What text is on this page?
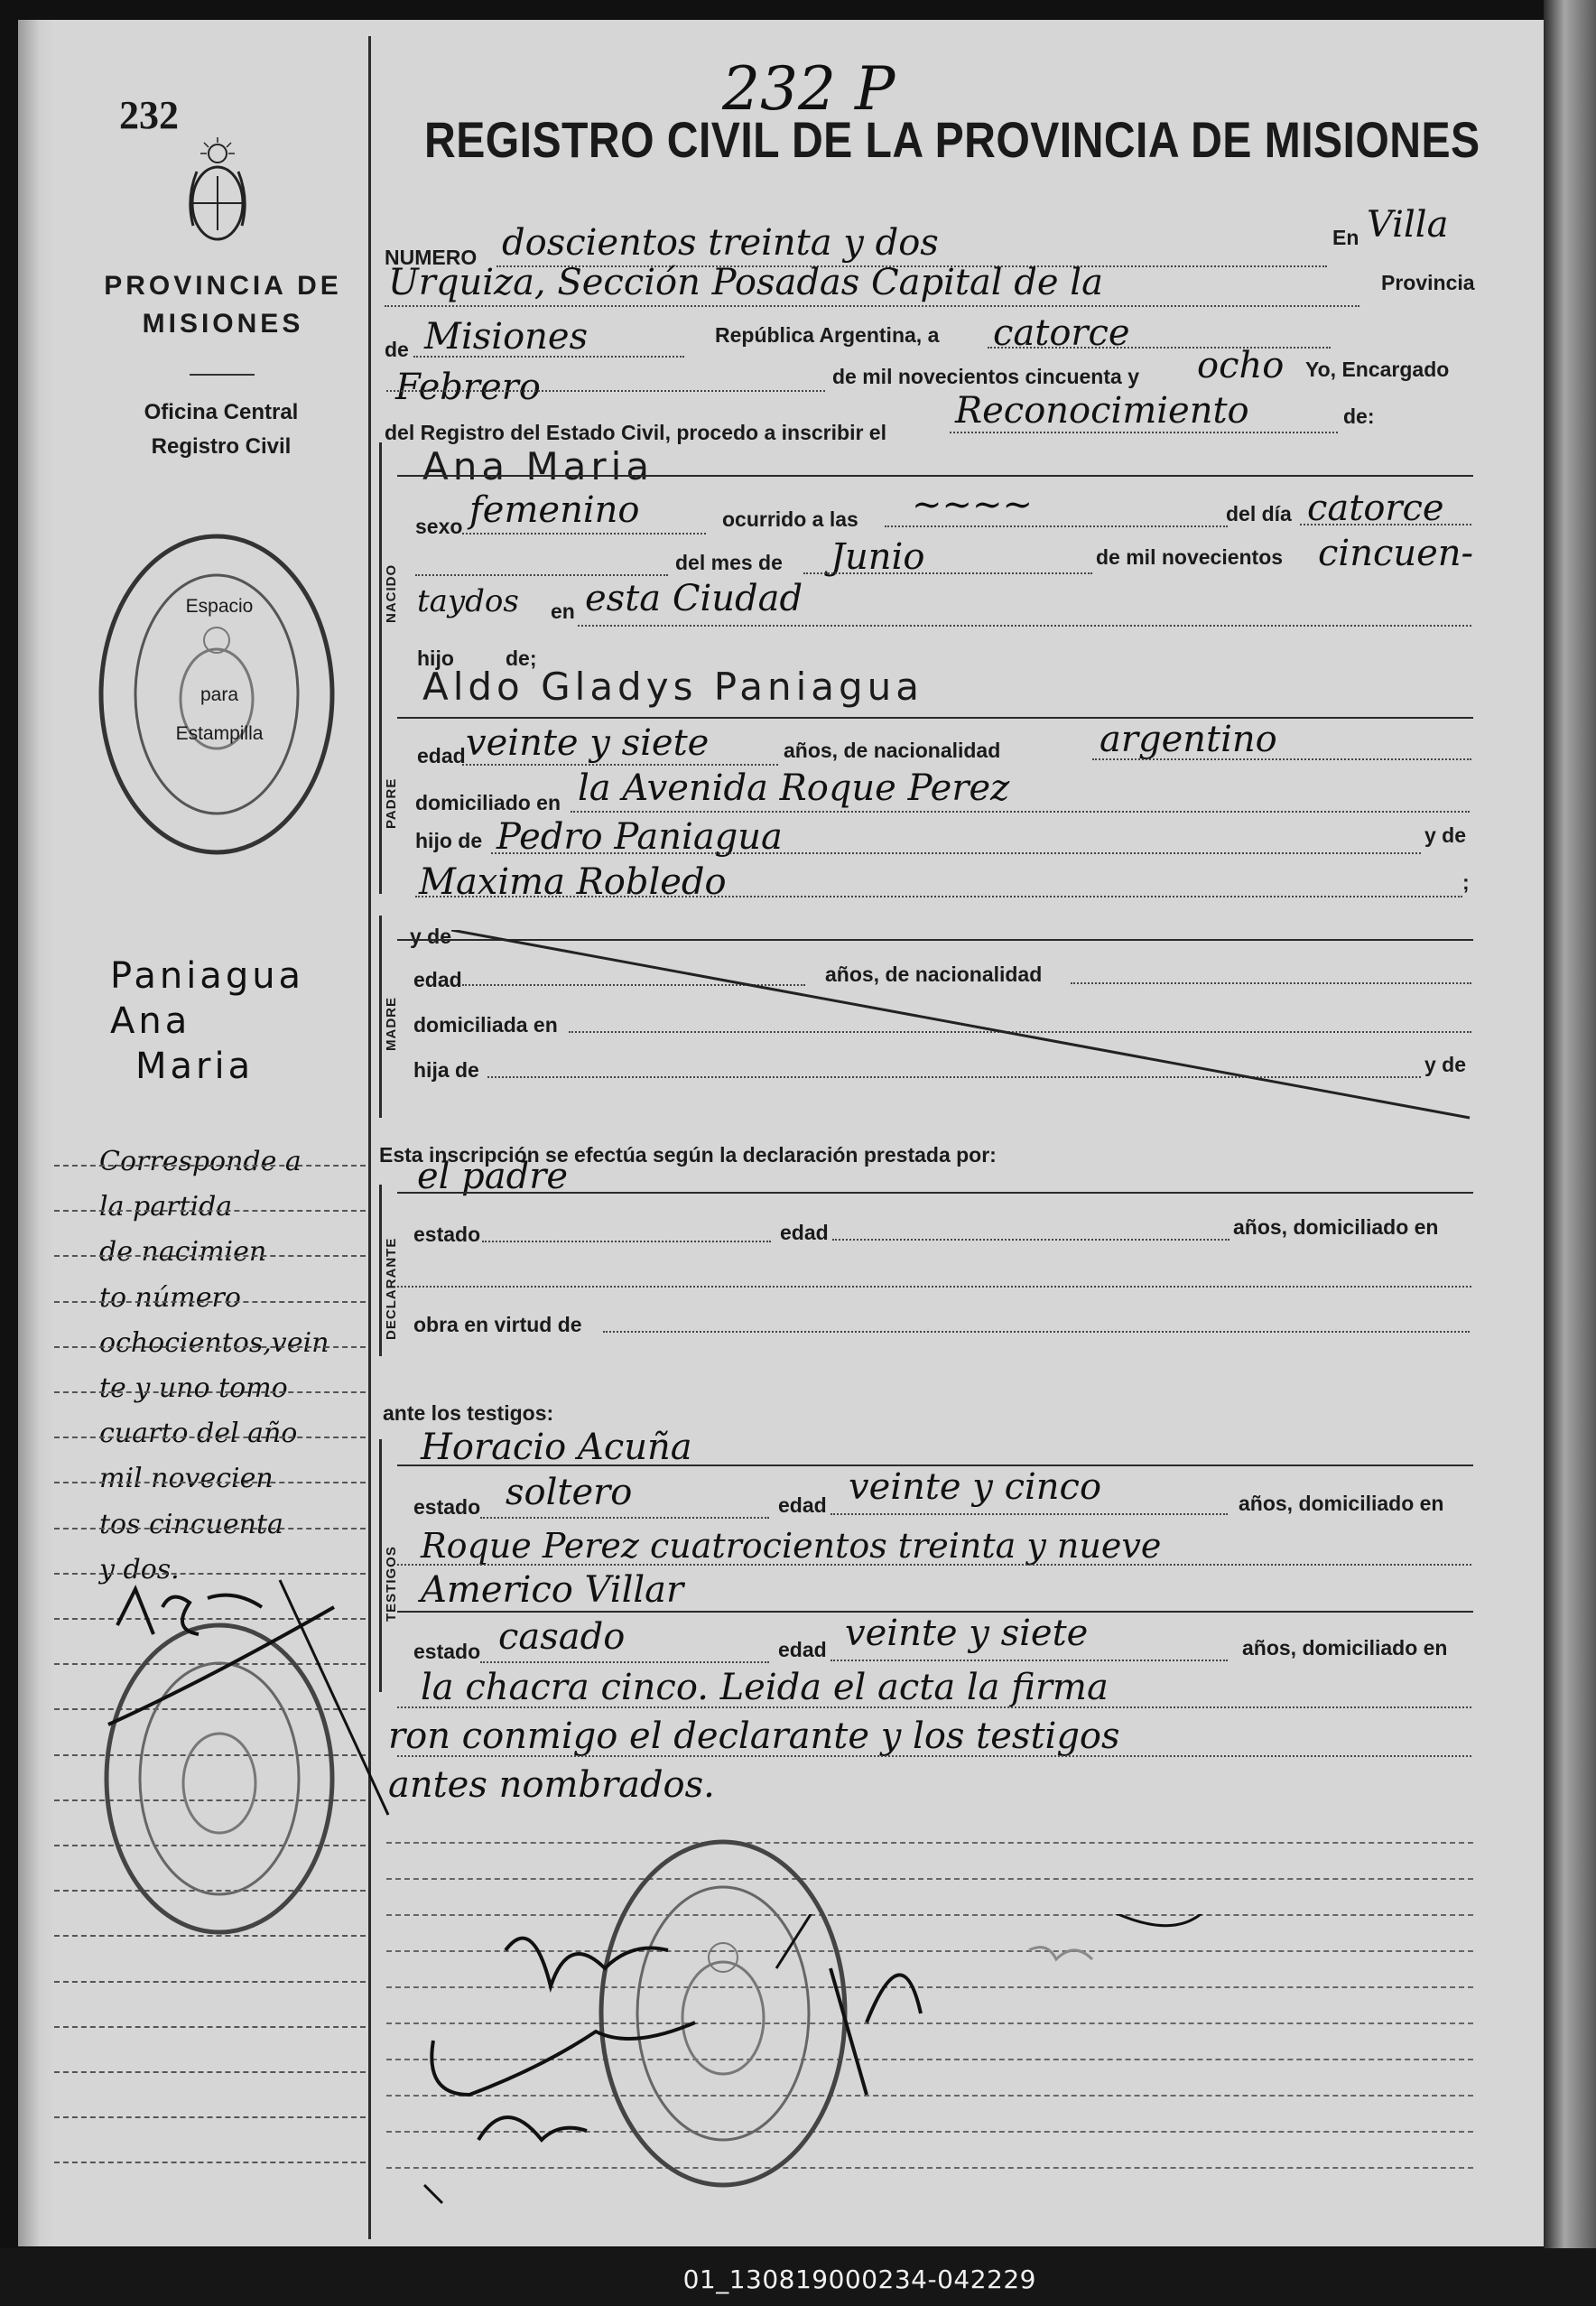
232
PROVINCIA DE MISIONES
Oficina Central Registro Civil
Espacio
para
Estampilla
Paniagua
Ana
Maria
Corresponde a
la partida
de nacimien
to número
ochocientos,vein
te y uno tomo
cuarto del año
mil novecien
tos cincuenta
y dos.
232 P
REGISTRO CIVIL DE LA PROVINCIA DE MISIONES
NUMERO doscientos treinta y dos	En Villa
Urquiza, Sección Posadas Capital de la	Provincia
de Misiones	República Argentina, a catorce
Febrero	de mil novecientos cincuenta y ocho Yo, Encargado
del Registro del Estado Civil, procedo a inscribir el
Reconocimiento	de:
NACIDO
Ana Maria
sexo femenino	ocurrido a las ~~~~	del día catorce
del mes de Junio	de mil novecientos cincuen-
taydos en esta Ciudad
hijo de;
PADRE
Aldo Gladys Paniagua
edad veinte y siete	años, de nacionalidad	argentino
domiciliado en la Avenida Roque Perez
hijo de Pedro Paniagua	y de
Maxima Robledo	;
MADRE
y de
edad	años, de nacionalidad
domiciliada en
hija de	y de
Esta inscripción se efectúa según la declaración prestada por:
DECLARANTE
el padre
estado	edad	años, domiciliado en
obra en virtud de
ante los testigos:
TESTIGOS
Horacio Acuña
estado soltero	edad veinte y cinco	años, domiciliado en
Roque Perez cuatrocientos treinta y nueve
Americo Villar
estado casado	edad veinte y siete	años, domiciliado en
la chacra cinco. Leida el acta la firma
ron conmigo el declarante y los testigos
antes nombrados.
01_130819000234-042229
